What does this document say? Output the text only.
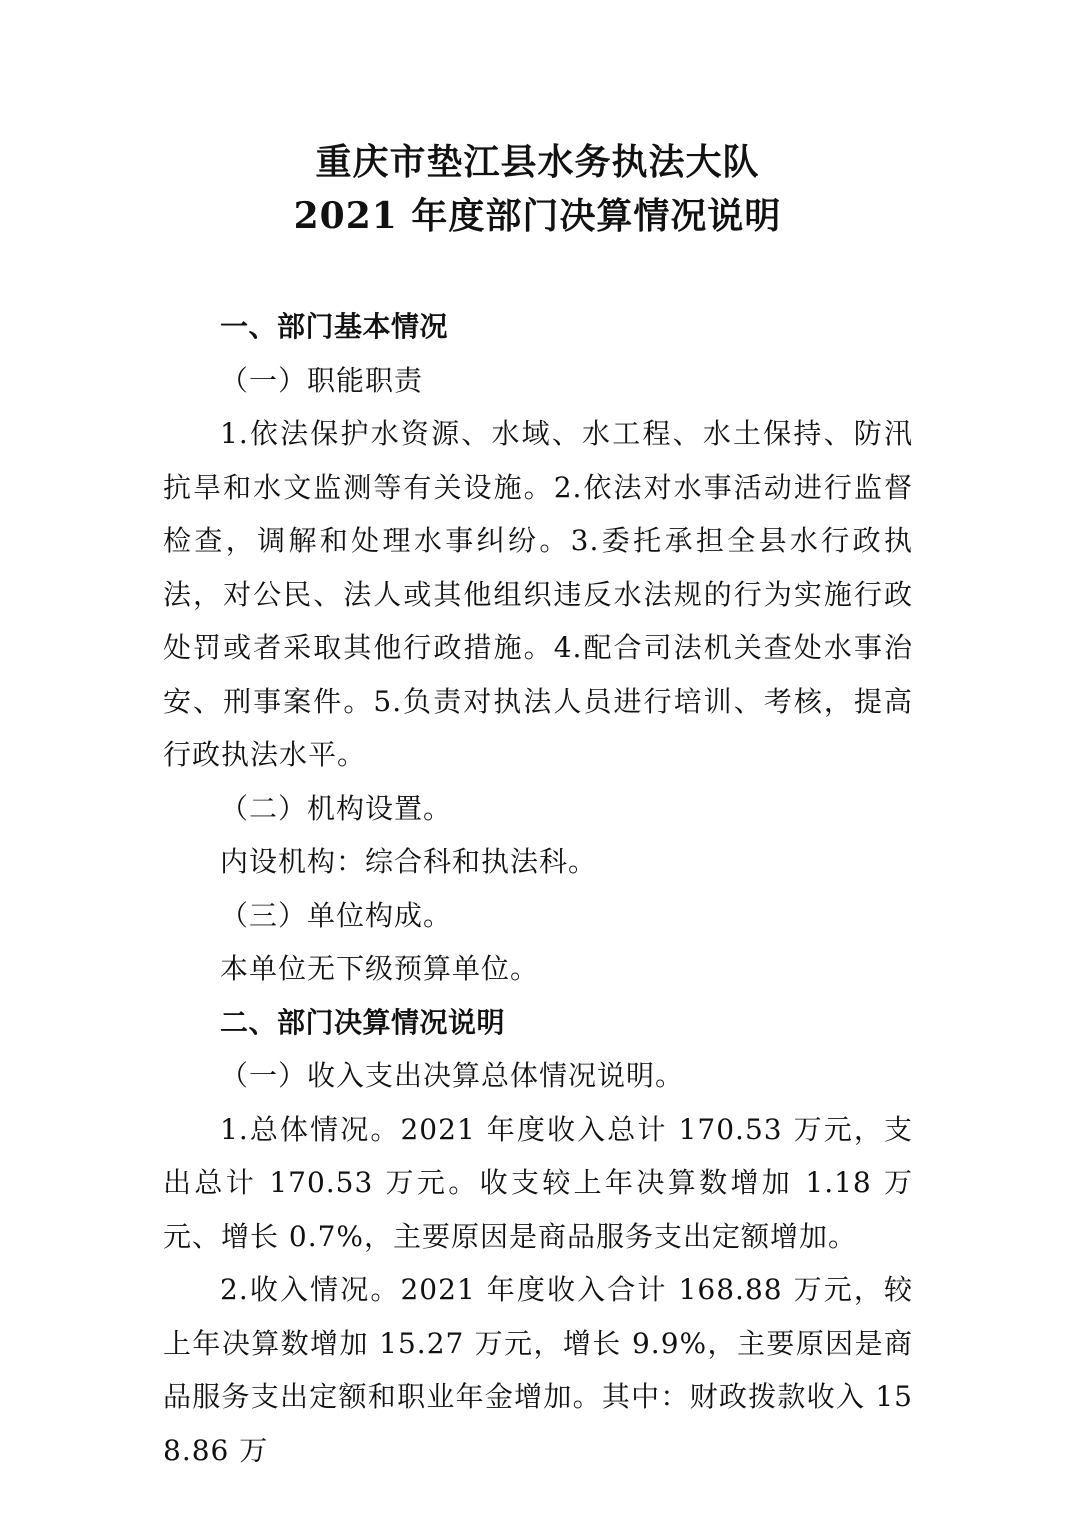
重庆市垫江县水务执法大队
2021 年度部门决算情况说明

一、部门基本情况

（一）职能职责

1.依法保护水资源、水域、水工程、水土保持、防汛抗旱和水文监测等有关设施。2.依法对水事活动进行监督检查，调解和处理水事纠纷。3.委托承担全县水行政执法，对公民、法人或其他组织违反水法规的行为实施行政处罚或者采取其他行政措施。4.配合司法机关查处水事治安、刑事案件。5.负责对执法人员进行培训、考核，提高行政执法水平。

（二）机构设置。

内设机构：综合科和执法科。

（三）单位构成。

本单位无下级预算单位。

二、部门决算情况说明

（一）收入支出决算总体情况说明。

1.总体情况。2021 年度收入总计 170.53 万元，支出总计 170.53 万元。收支较上年决算数增加 1.18 万元、增长 0.7%，主要原因是商品服务支出定额增加。

2.收入情况。2021 年度收入合计 168.88 万元，较上年决算数增加 15.27 万元，增长 9.9%，主要原因是商品服务支出定额和职业年金增加。其中：财政拨款收入 158.86 万
